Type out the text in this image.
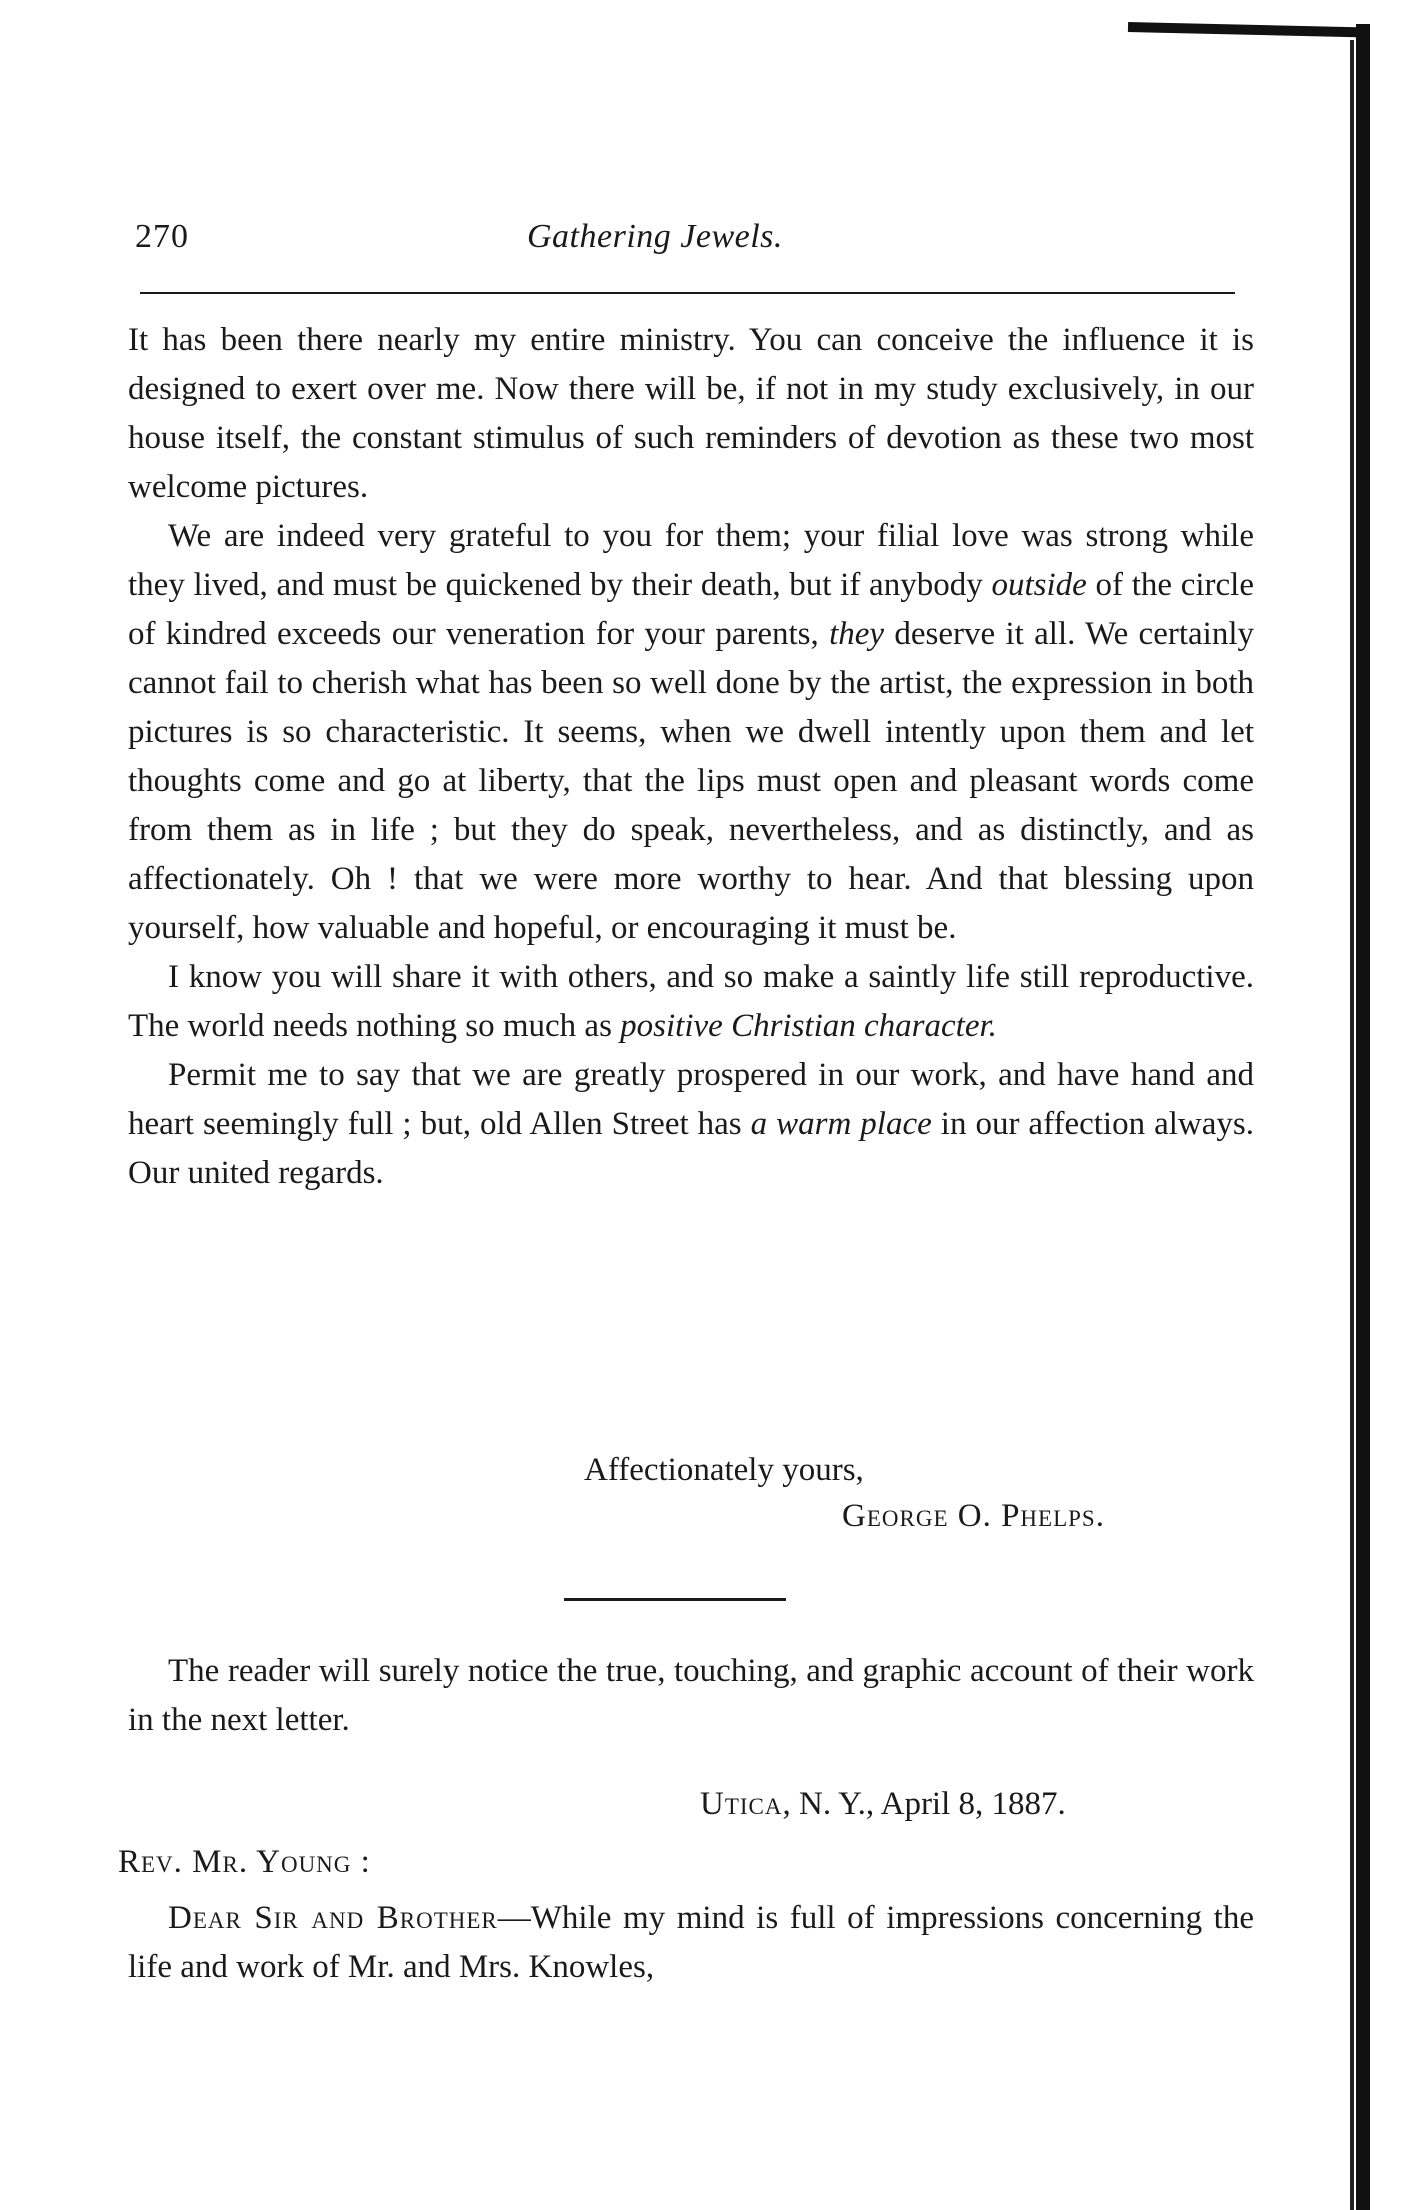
270	Gathering Jewels.

It has been there nearly my entire ministry. You can conceive the influence it is designed to exert over me. Now there will be, if not in my study exclusively, in our house itself, the constant stimulus of such reminders of devotion as these two most welcome pictures.

We are indeed very grateful to you for them; your filial love was strong while they lived, and must be quickened by their death, but if anybody outside of the circle of kindred exceeds our veneration for your parents, they deserve it all. We certainly cannot fail to cherish what has been so well done by the artist, the expression in both pictures is so characteristic. It seems, when we dwell intently upon them and let thoughts come and go at liberty, that the lips must open and pleasant words come from them as in life ; but they do speak, nevertheless, and as distinctly, and as affectionately. Oh ! that we were more worthy to hear. And that blessing upon yourself, how valuable and hopeful, or encouraging it must be.

I know you will share it with others, and so make a saintly life still reproductive. The world needs nothing so much as positive Christian character.

Permit me to say that we are greatly prospered in our work, and have hand and heart seemingly full ; but, old Allen Street has a warm place in our affection always. Our united regards.

Affectionately yours,
George O. Phelps.

The reader will surely notice the true, touching, and graphic account of their work in the next letter.

Utica, N. Y., April 8, 1887.
Rev. Mr. Young :

Dear Sir and Brother—While my mind is full of impressions concerning the life and work of Mr. and Mrs. Knowles,
